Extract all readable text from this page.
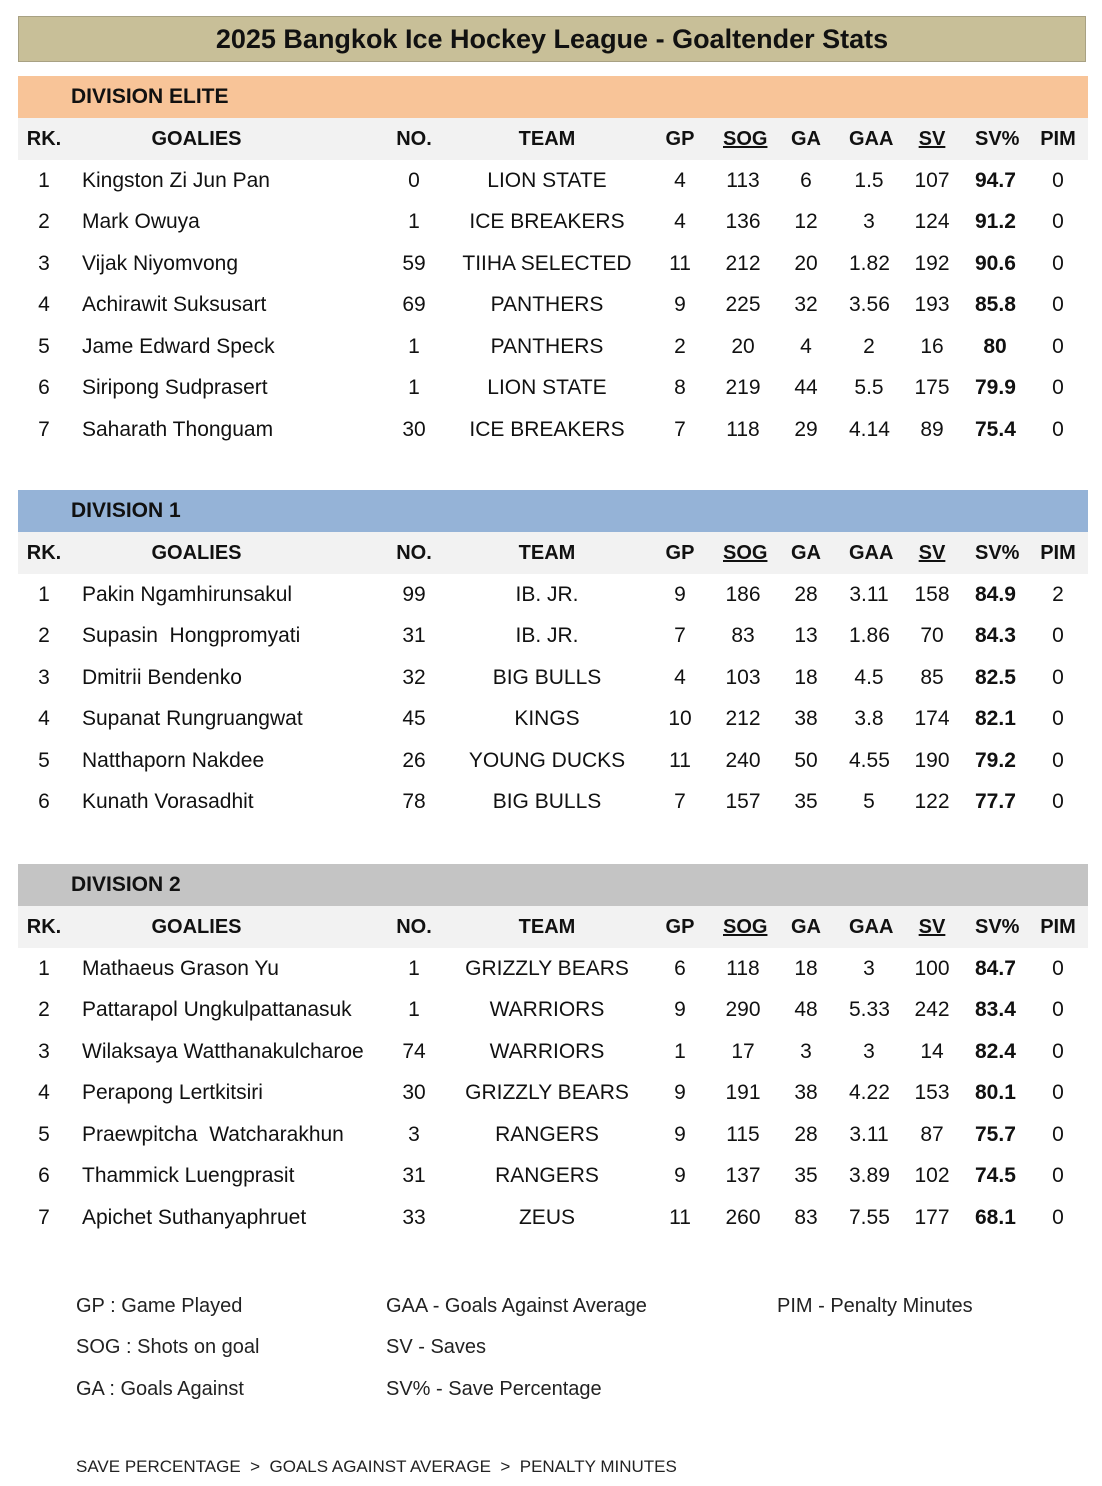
2025 Bangkok Ice Hockey League - Goaltender Stats
DIVISION ELITE
RK.	GOALIES	NO.	TEAM	GP	SOG	GA	GAA	SV	SV%	PIM
1	Kingston Zi Jun Pan	0	LION STATE	4	113	6	1.5	107	94.7	0
2	Mark Owuya	1	ICE BREAKERS	4	136	12	3	124	91.2	0
3	Vijak Niyomvong	59	TIIHA SELECTED	11	212	20	1.82	192	90.6	0
4	Achirawit Suksusart	69	PANTHERS	9	225	32	3.56	193	85.8	0
5	Jame Edward Speck	1	PANTHERS	2	20	4	2	16	80	0
6	Siripong Sudprasert	1	LION STATE	8	219	44	5.5	175	79.9	0
7	Saharath Thonguam	30	ICE BREAKERS	7	118	29	4.14	89	75.4	0
DIVISION 1
RK.	GOALIES	NO.	TEAM	GP	SOG	GA	GAA	SV	SV%	PIM
1	Pakin Ngamhirunsakul	99	IB. JR.	9	186	28	3.11	158	84.9	2
2	Supasin  Hongpromyati	31	IB. JR.	7	83	13	1.86	70	84.3	0
3	Dmitrii Bendenko	32	BIG BULLS	4	103	18	4.5	85	82.5	0
4	Supanat Rungruangwat	45	KINGS	10	212	38	3.8	174	82.1	0
5	Natthaporn Nakdee	26	YOUNG DUCKS	11	240	50	4.55	190	79.2	0
6	Kunath Vorasadhit	78	BIG BULLS	7	157	35	5	122	77.7	0
DIVISION 2
RK.	GOALIES	NO.	TEAM	GP	SOG	GA	GAA	SV	SV%	PIM
1	Mathaeus Grason Yu	1	GRIZZLY BEARS	6	118	18	3	100	84.7	0
2	Pattarapol Ungkulpattanasuk	1	WARRIORS	9	290	48	5.33	242	83.4	0
3	Wilaksaya Watthanakulcharoe	74	WARRIORS	1	17	3	3	14	82.4	0
4	Perapong Lertkitsiri	30	GRIZZLY BEARS	9	191	38	4.22	153	80.1	0
5	Praewpitcha  Watcharakhun	3	RANGERS	9	115	28	3.11	87	75.7	0
6	Thammick Luengprasit	31	RANGERS	9	137	35	3.89	102	74.5	0
7	Apichet Suthanyaphruet	33	ZEUS	11	260	83	7.55	177	68.1	0
GP : Game Played
SOG : Shots on goal
GA : Goals Against
GAA - Goals Against Average
SV - Saves
SV% - Save Percentage
PIM - Penalty Minutes
SAVE PERCENTAGE  >  GOALS AGAINST AVERAGE  >  PENALTY MINUTES
